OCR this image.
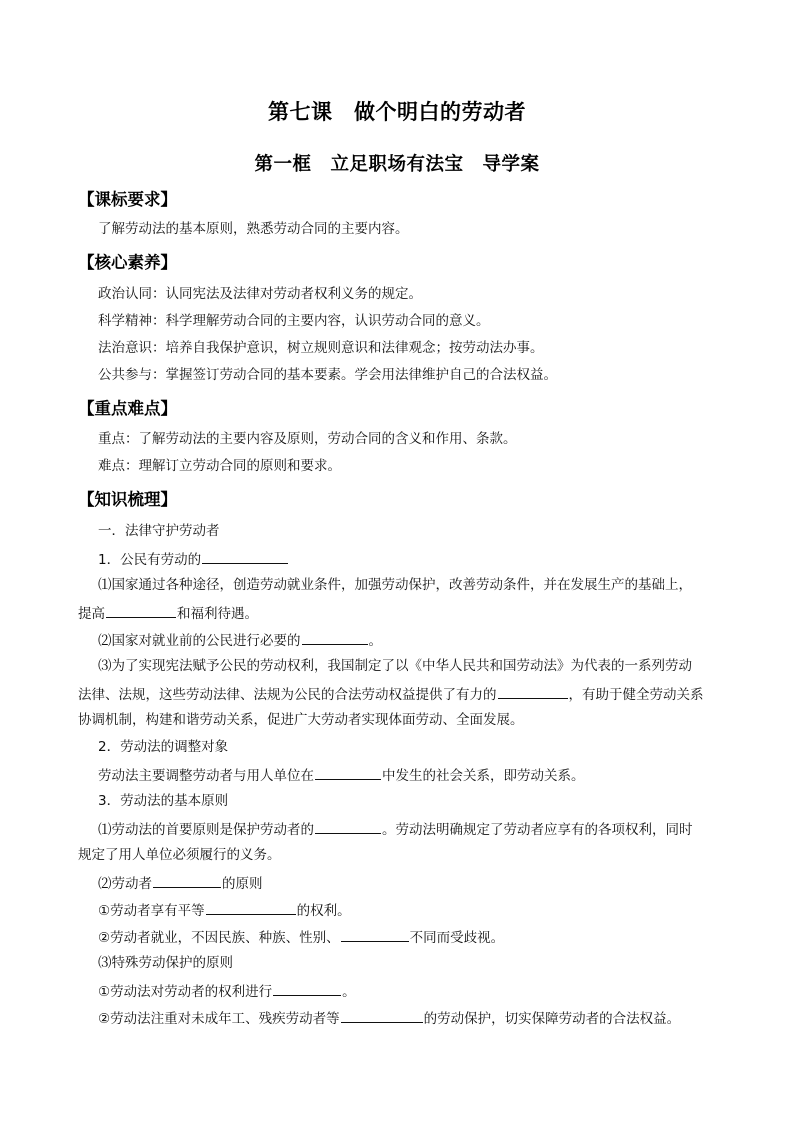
第七课　做个明白的劳动者
第一框　立足职场有法宝　导学案
【课标要求】
了解劳动法的基本原则，熟悉劳动合同的主要内容。
【核心素养】
政治认同：认同宪法及法律对劳动者权利义务的规定。
科学精神：科学理解劳动合同的主要内容，认识劳动合同的意义。
法治意识：培养自我保护意识，树立规则意识和法律观念；按劳动法办事。
公共参与：掌握签订劳动合同的基本要素。学会用法律维护自己的合法权益。
【重点难点】
重点：了解劳动法的主要内容及原则，劳动合同的含义和作用、条款。
难点：理解订立劳动合同的原则和要求。
【知识梳理】
一．法律守护劳动者
1．公民有劳动的
⑴国家通过各种途径，创造劳动就业条件，加强劳动保护，改善劳动条件，并在发展生产的基础上，
提高	和福利待遇。
⑵国家对就业前的公民进行必要的	。
⑶为了实现宪法赋予公民的劳动权利，我国制定了以《中华人民共和国劳动法》为代表的一系列劳动
法律、法规，这些劳动法律、法规为公民的合法劳动权益提供了有力的	，有助于健全劳动关系
协调机制，构建和谐劳动关系，促进广大劳动者实现体面劳动、全面发展。
2．劳动法的调整对象
劳动法主要调整劳动者与用人单位在	中发生的社会关系，即劳动关系。
3．劳动法的基本原则
⑴劳动法的首要原则是保护劳动者的	。劳动法明确规定了劳动者应享有的各项权利，同时
规定了用人单位必须履行的义务。
⑵劳动者	的原则
①劳动者享有平等	的权利。
②劳动者就业，不因民族、种族、性别、	不同而受歧视。
⑶特殊劳动保护的原则
①劳动法对劳动者的权利进行	。
②劳动法注重对未成年工、残疾劳动者等	的劳动保护，切实保障劳动者的合法权益。
